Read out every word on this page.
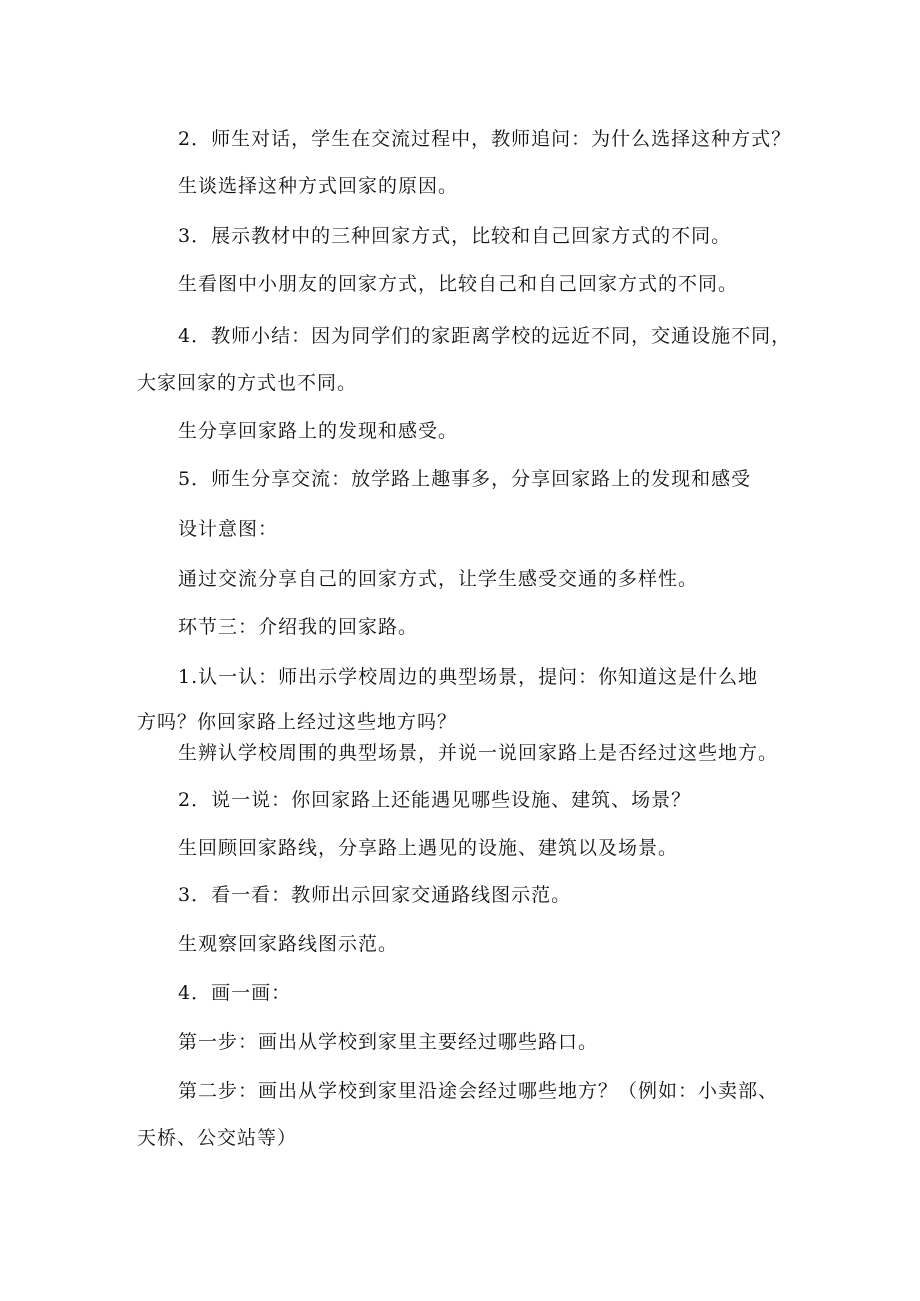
2．师生对话，学生在交流过程中，教师追问：为什么选择这种方式？

生谈选择这种方式回家的原因。

3．展示教材中的三种回家方式，比较和自己回家方式的不同。

生看图中小朋友的回家方式，比较自己和自己回家方式的不同。

4．教师小结：因为同学们的家距离学校的远近不同，交通设施不同，

大家回家的方式也不同。

生分享回家路上的发现和感受。

5．师生分享交流：放学路上趣事多，分享回家路上的发现和感受

设计意图：

通过交流分享自己的回家方式，让学生感受交通的多样性。

环节三：介绍我的回家路。

1.认一认：师出示学校周边的典型场景，提问：你知道这是什么地

方吗？你回家路上经过这些地方吗？

生辨认学校周围的典型场景，并说一说回家路上是否经过这些地方。

2．说一说：你回家路上还能遇见哪些设施、建筑、场景？

生回顾回家路线，分享路上遇见的设施、建筑以及场景。

3．看一看：教师出示回家交通路线图示范。

生观察回家路线图示范。

4．画一画：

第一步：画出从学校到家里主要经过哪些路口。

第二步：画出从学校到家里沿途会经过哪些地方？（例如：小卖部、

天桥、公交站等）
